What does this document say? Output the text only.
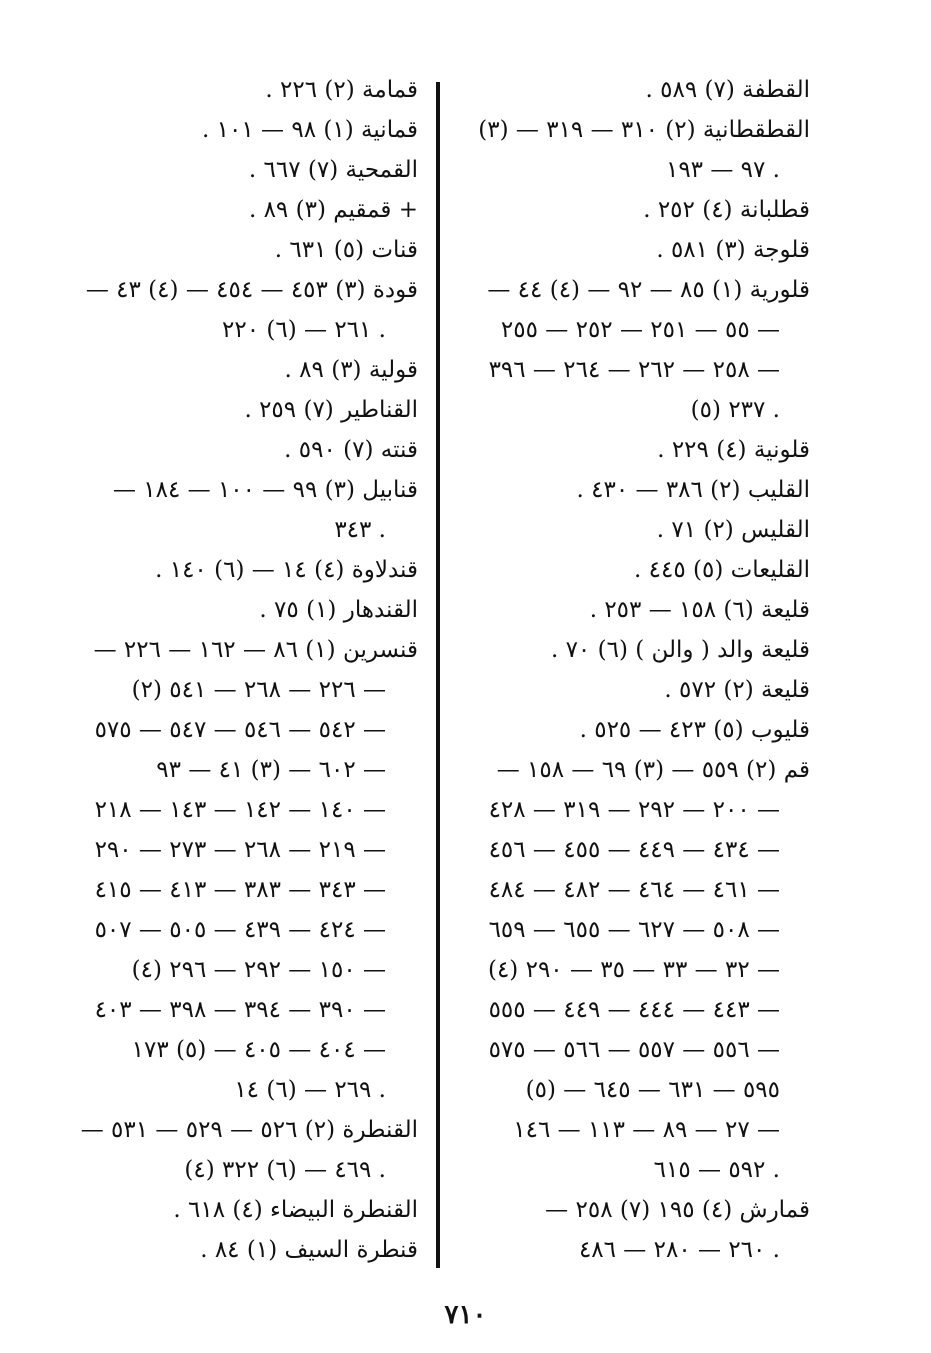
القطفة (٧) ٥٨٩ .
القطقطانية (٢) ٣١٠ — ٣١٩ — (٣)
٩٧ — ١٩٣ .
قطلبانة (٤) ٢٥٢ .
قلوجة (٣) ٥٨١ .
قلورية (١) ٨٥ — ٩٢ — (٤) ٤٤ —
٥٥ — ٢٥١ — ٢٥٢ — ٢٥٥ —
٢٥٨ — ٢٦٢ — ٢٦٤ — ٣٩٦ —
(٥) ٢٣٧ .
قلونية (٤) ٢٢٩ .
القليب (٢) ٣٨٦ — ٤٣٠ .
القليس (٢) ٧١ .
القليعات (٥) ٤٤٥ .
قليعة (٦) ١٥٨ — ٢٥٣ .
قليعة والد ( والن ) (٦) ٧٠ .
قليعة (٢) ٥٧٢ .
قليوب (٥) ٤٢٣ — ٥٢٥ .
قم (٢) ٥٥٩ — (٣) ٦٩ — ١٥٨ —
٢٠٠ — ٢٩٢ — ٣١٩ — ٤٢٨ —
٤٣٤ — ٤٤٩ — ٤٥٥ — ٤٥٦ —
٤٦١ — ٤٦٤ — ٤٨٢ — ٤٨٤ —
٥٠٨ — ٦٢٧ — ٦٥٥ — ٦٥٩ —
(٤) ٣٢ — ٣٣ — ٣٥ — ٢٩٠ —
٤٤٣ — ٤٤٤ — ٤٤٩ — ٥٥٥ —
٥٥٦ — ٥٥٧ — ٥٦٦ — ٥٧٥ —
٥٩٥ — ٦٣١ — ٦٤٥ — (٥)
٢٧ — ٨٩ — ١١٣ — ١٤٦ —
٥٩٢ — ٦١٥ .
قمارش (٤) ١٩٥ (٧) ٢٥٨ —
٢٦٠ — ٢٨٠ — ٤٨٦ .
قمامة (٢) ٢٢٦ .
قمانية (١) ٩٨ — ١٠١ .
القمحية (٧) ٦٦٧ .
+ قمقيم (٣) ٨٩ .
قنات (٥) ٦٣١ .
قودة (٣) ٤٥٣ — ٤٥٤ — (٤) ٤٣ —
٢٦١ — (٦) ٢٢٠ .
قولية (٣) ٨٩ .
القناطير (٧) ٢٥٩ .
قنته (٧) ٥٩٠ .
قنابيل (٣) ٩٩ — ١٠٠ — ١٨٤ —
٣٤٣ .
قندلاوة (٤) ١٤ — (٦) ١٤٠ .
القندهار (١) ٧٥ .
قنسرين (١) ٨٦ — ١٦٢ — ٢٢٦ —
(٢) ٢٢٦ — ٢٦٨ — ٥٤١ —
٥٤٢ — ٥٤٦ — ٥٤٧ — ٥٧٥ —
٦٠٢ — (٣) ٤١ — ٩٣ —
١٤٠ — ١٤٢ — ١٤٣ — ٢١٨ —
٢١٩ — ٢٦٨ — ٢٧٣ — ٢٩٠ —
٣٤٣ — ٣٨٣ — ٤١٣ — ٤١٥ —
٤٢٤ — ٤٣٩ — ٥٠٥ — ٥٠٧ —
(٤) ١٥٠ — ٢٩٢ — ٢٩٦ —
٣٩٠ — ٣٩٤ — ٣٩٨ — ٤٠٣ —
٤٠٤ — ٤٠٥ — (٥) ١٧٣ —
٢٦٩ — (٦) ١٤ .
القنطرة (٢) ٥٢٦ — ٥٢٩ — ٥٣١ —
(٤) ٤٦٩ — (٦) ٣٢٢ .
القنطرة البيضاء (٤) ٦١٨ .
قنطرة السيف (١) ٨٤ .
٧١٠
